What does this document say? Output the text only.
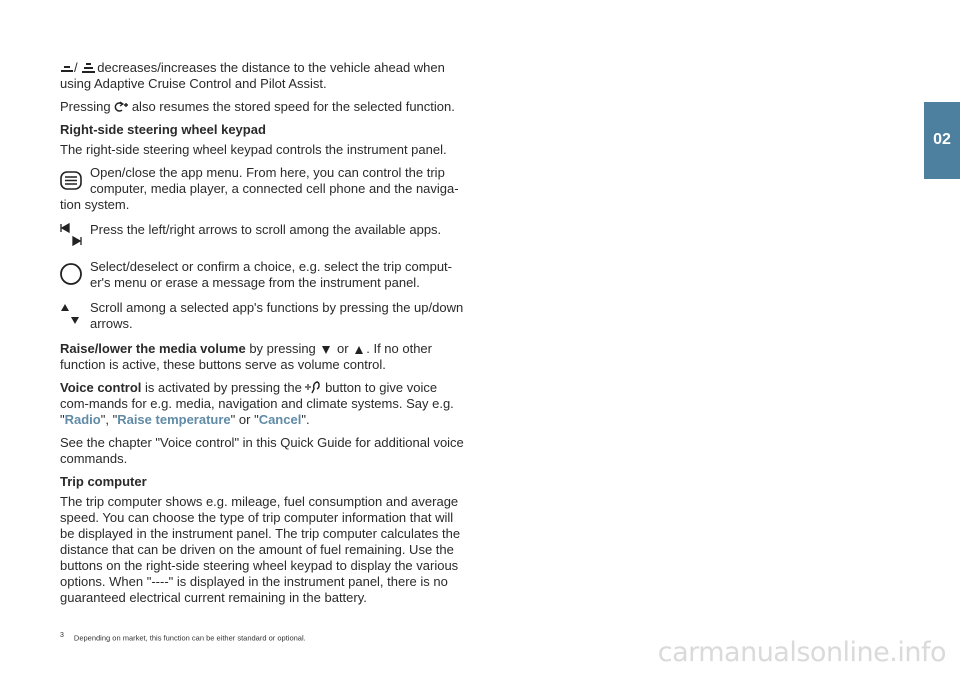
/ decreases/increases the distance to the vehicle ahead when using Adaptive Cruise Control and Pilot Assist.

Pressing also resumes the stored speed for the selected function.

Right-side steering wheel keypad

The right-side steering wheel keypad controls the instrument panel.

Open/close the app menu. From here, you can control the trip
computer, media player, a connected cell phone and the naviga-
tion system.
Press the left/right arrows to scroll among the available apps.
Select/deselect or confirm a choice, e.g. select the trip comput-er's menu or erase a message from the instrument panel.
Scroll among a selected app's functions by pressing the up/down arrows.

Raise/lower the media volume by pressing or . If no other function is active, these buttons serve as volume control.

Voice control is activated by pressing the button to give voice com-mands for e.g. media, navigation and climate systems. Say e.g. "Radio", "Raise temperature" or "Cancel".

See the chapter "Voice control" in this Quick Guide for additional voice commands.

Trip computer

The trip computer shows e.g. mileage, fuel consumption and average speed. You can choose the type of trip computer information that will be displayed in the instrument panel. The trip computer calculates the distance that can be driven on the amount of fuel remaining. Use the buttons on the right-side steering wheel keypad to display the various options. When "----" is displayed in the instrument panel, there is no guaranteed electrical current remaining in the battery.

02
$^3$ Depending on market, this function can be either standard or optional.	carmanualsonline.info
